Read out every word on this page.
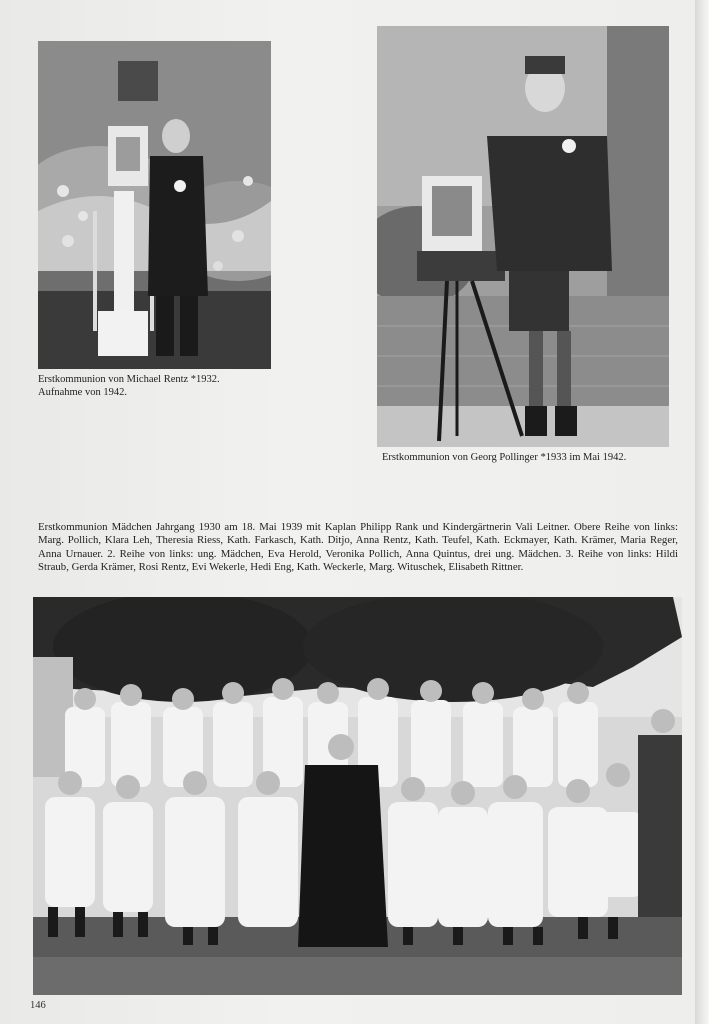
Erstkommunion von Michael Rentz *1932.
Aufnahme von 1942.

Erstkommunion von Georg Pollinger *1933 im Mai 1942.

Erstkommunion Mädchen Jahrgang 1930 am 18. Mai 1939 mit Kaplan Philipp Rank und Kindergärtnerin Vali Leitner. Obere Reihe von links: Marg. Pollich, Klara Leh, Theresia Riess, Kath. Farkasch, Kath. Ditjo, Anna Rentz, Kath. Teufel, Kath. Eckmayer, Kath. Krämer, Maria Reger, Anna Urnauer. 2. Reihe von links: ung. Mädchen, Eva Herold, Veronika Pollich, Anna Quintus, drei ung. Mädchen. 3. Reihe von links: Hildi Straub, Gerda Krämer, Rosi Rentz, Evi Wekerle, Hedi Eng, Kath. Weckerle, Marg. Wituschek, Elisabeth Rittner.

146
